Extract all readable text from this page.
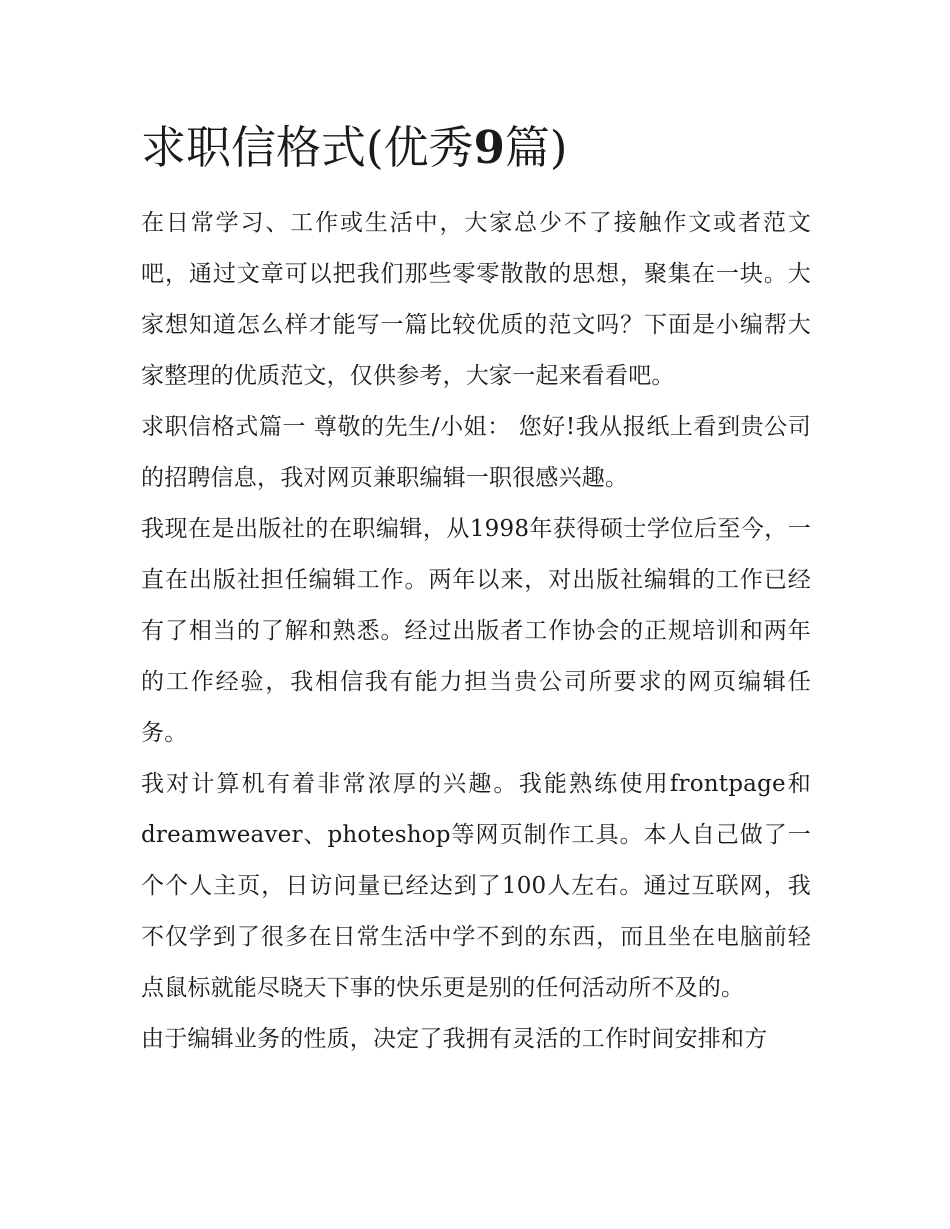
求职信格式(优秀9篇)

在日常学习、工作或生活中，大家总少不了接触作文或者范文吧，通过文章可以把我们那些零零散散的思想，聚集在一块。大家想知道怎么样才能写一篇比较优质的范文吗？下面是小编帮大家整理的优质范文，仅供参考，大家一起来看看吧。

求职信格式篇一 尊敬的先生/小姐： 您好!我从报纸上看到贵公司的招聘信息，我对网页兼职编辑一职很感兴趣。

我现在是出版社的在职编辑，从1998年获得硕士学位后至今，一直在出版社担任编辑工作。两年以来，对出版社编辑的工作已经有了相当的了解和熟悉。经过出版者工作协会的正规培训和两年的工作经验，我相信我有能力担当贵公司所要求的网页编辑任务。

我对计算机有着非常浓厚的兴趣。我能熟练使用frontpage和dreamweaver、photeshop等网页制作工具。本人自己做了一个个人主页，日访问量已经达到了100人左右。通过互联网，我不仅学到了很多在日常生活中学不到的东西，而且坐在电脑前轻点鼠标就能尽晓天下事的快乐更是别的任何活动所不及的。

由于编辑业务的性质，决定了我拥有灵活的工作时间安排和方
